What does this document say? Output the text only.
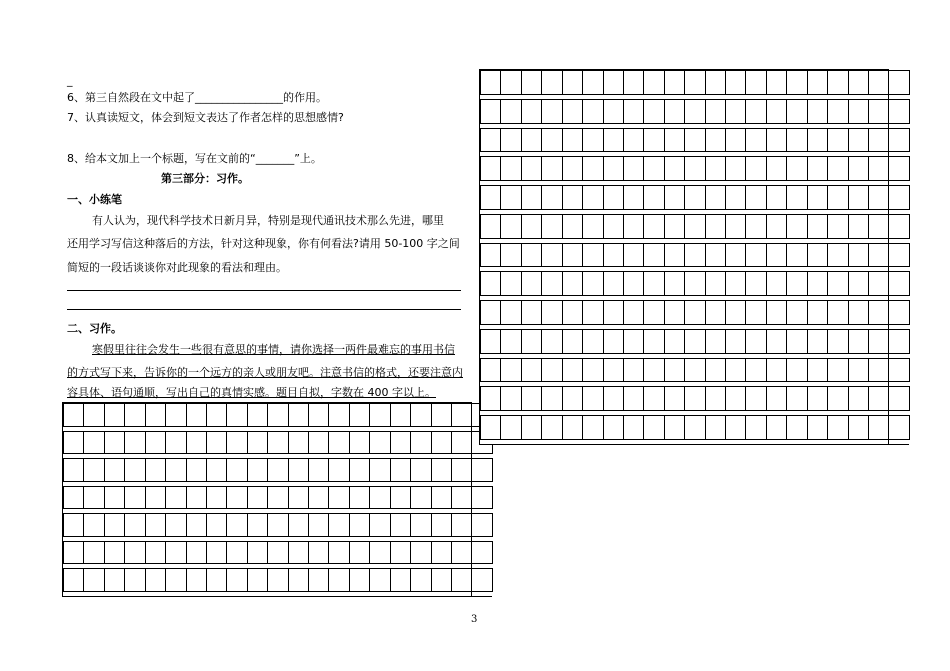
_
6、第三自然段在文中起了________________的作用。
7、认真读短文，体会到短文表达了作者怎样的思想感情?
8、给本文加上一个标题，写在文前的“_______”上。
第三部分：习作。
一、小练笔
有人认为，现代科学技术日新月异，特别是现代通讯技术那么先进，哪里
还用学习写信这种落后的方法，针对这种现象，你有何看法?请用 50-100 字之间
简短的一段话谈谈你对此现象的看法和理由。
二、习作。
寒假里往往会发生一些很有意思的事情，请你选择一两件最难忘的事用书信
的方式写下来，告诉你的一个远方的亲人或朋友吧。注意书信的格式，还要注意内
容具体、语句通顺，写出自己的真情实感。题目自拟，字数在 400 字以上。

3
